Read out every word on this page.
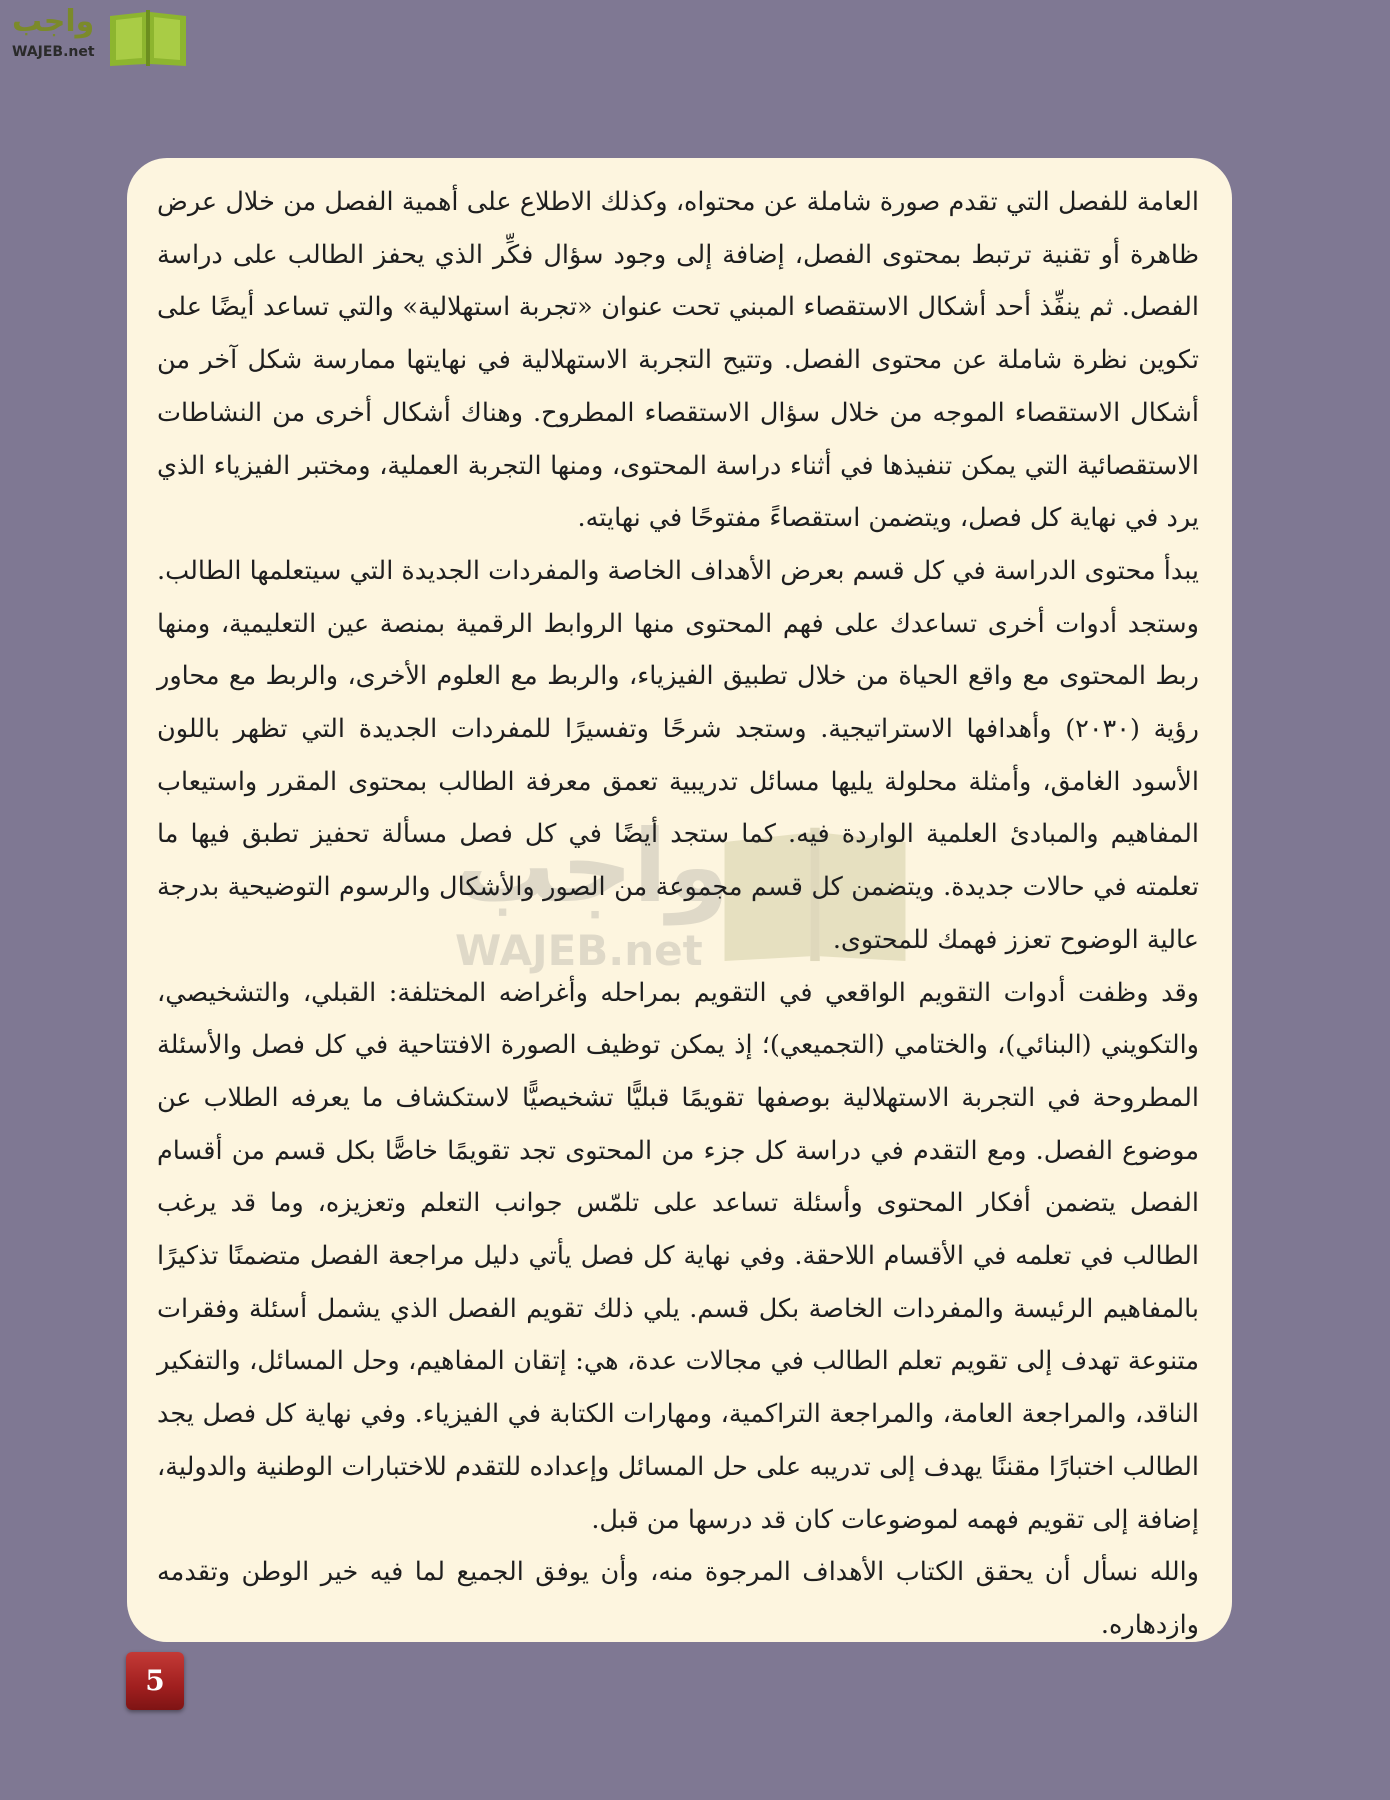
واجب
WAJEB.net
واجب
WAJEB.net

العامة للفصل التي تقدم صورة شاملة عن محتواه، وكذلك الاطلاع على أهمية الفصل من خلال عرض ظاهرة أو تقنية ترتبط بمحتوى الفصل، إضافة إلى وجود سؤال فكِّر الذي يحفز الطالب على دراسة الفصل. ثم ينفِّذ أحد أشكال الاستقصاء المبني تحت عنوان «تجربة استهلالية» والتي تساعد أيضًا على تكوين نظرة شاملة عن محتوى الفصل. وتتيح التجربة الاستهلالية في نهايتها ممارسة شكل آخر من أشكال الاستقصاء الموجه من خلال سؤال الاستقصاء المطروح. وهناك أشكال أخرى من النشاطات الاستقصائية التي يمكن تنفيذها في أثناء دراسة المحتوى، ومنها التجربة العملية، ومختبر الفيزياء الذي يرد في نهاية كل فصل، ويتضمن استقصاءً مفتوحًا في نهايته.

يبدأ محتوى الدراسة في كل قسم بعرض الأهداف الخاصة والمفردات الجديدة التي سيتعلمها الطالب. وستجد أدوات أخرى تساعدك على فهم المحتوى منها الروابط الرقمية بمنصة عين التعليمية، ومنها ربط المحتوى مع واقع الحياة من خلال تطبيق الفيزياء، والربط مع العلوم الأخرى، والربط مع محاور رؤية (٢٠٣٠) وأهدافها الاستراتيجية. وستجد شرحًا وتفسيرًا للمفردات الجديدة التي تظهر باللون الأسود الغامق، وأمثلة محلولة يليها مسائل تدريبية تعمق معرفة الطالب بمحتوى المقرر واستيعاب المفاهيم والمبادئ العلمية الواردة فيه. كما ستجد أيضًا في كل فصل مسألة تحفيز تطبق فيها ما تعلمته في حالات جديدة. ويتضمن كل قسم مجموعة من الصور والأشكال والرسوم التوضيحية بدرجة عالية الوضوح تعزز فهمك للمحتوى.

وقد وظفت أدوات التقويم الواقعي في التقويم بمراحله وأغراضه المختلفة: القبلي، والتشخيصي، والتكويني (البنائي)، والختامي (التجميعي)؛ إذ يمكن توظيف الصورة الافتتاحية في كل فصل والأسئلة المطروحة في التجربة الاستهلالية بوصفها تقويمًا قبليًّا تشخيصيًّا لاستكشاف ما يعرفه الطلاب عن موضوع الفصل. ومع التقدم في دراسة كل جزء من المحتوى تجد تقويمًا خاصًّا بكل قسم من أقسام الفصل يتضمن أفكار المحتوى وأسئلة تساعد على تلمّس جوانب التعلم وتعزيزه، وما قد يرغب الطالب في تعلمه في الأقسام اللاحقة. وفي نهاية كل فصل يأتي دليل مراجعة الفصل متضمنًا تذكيرًا بالمفاهيم الرئيسة والمفردات الخاصة بكل قسم. يلي ذلك تقويم الفصل الذي يشمل أسئلة وفقرات متنوعة تهدف إلى تقويم تعلم الطالب في مجالات عدة، هي: إتقان المفاهيم، وحل المسائل، والتفكير الناقد، والمراجعة العامة، والمراجعة التراكمية، ومهارات الكتابة في الفيزياء. وفي نهاية كل فصل يجد الطالب اختبارًا مقننًا يهدف إلى تدريبه على حل المسائل وإعداده للتقدم للاختبارات الوطنية والدولية، إضافة إلى تقويم فهمه لموضوعات كان قد درسها من قبل.

والله نسأل أن يحقق الكتاب الأهداف المرجوة منه، وأن يوفق الجميع لما فيه خير الوطن وتقدمه وازدهاره.

5
